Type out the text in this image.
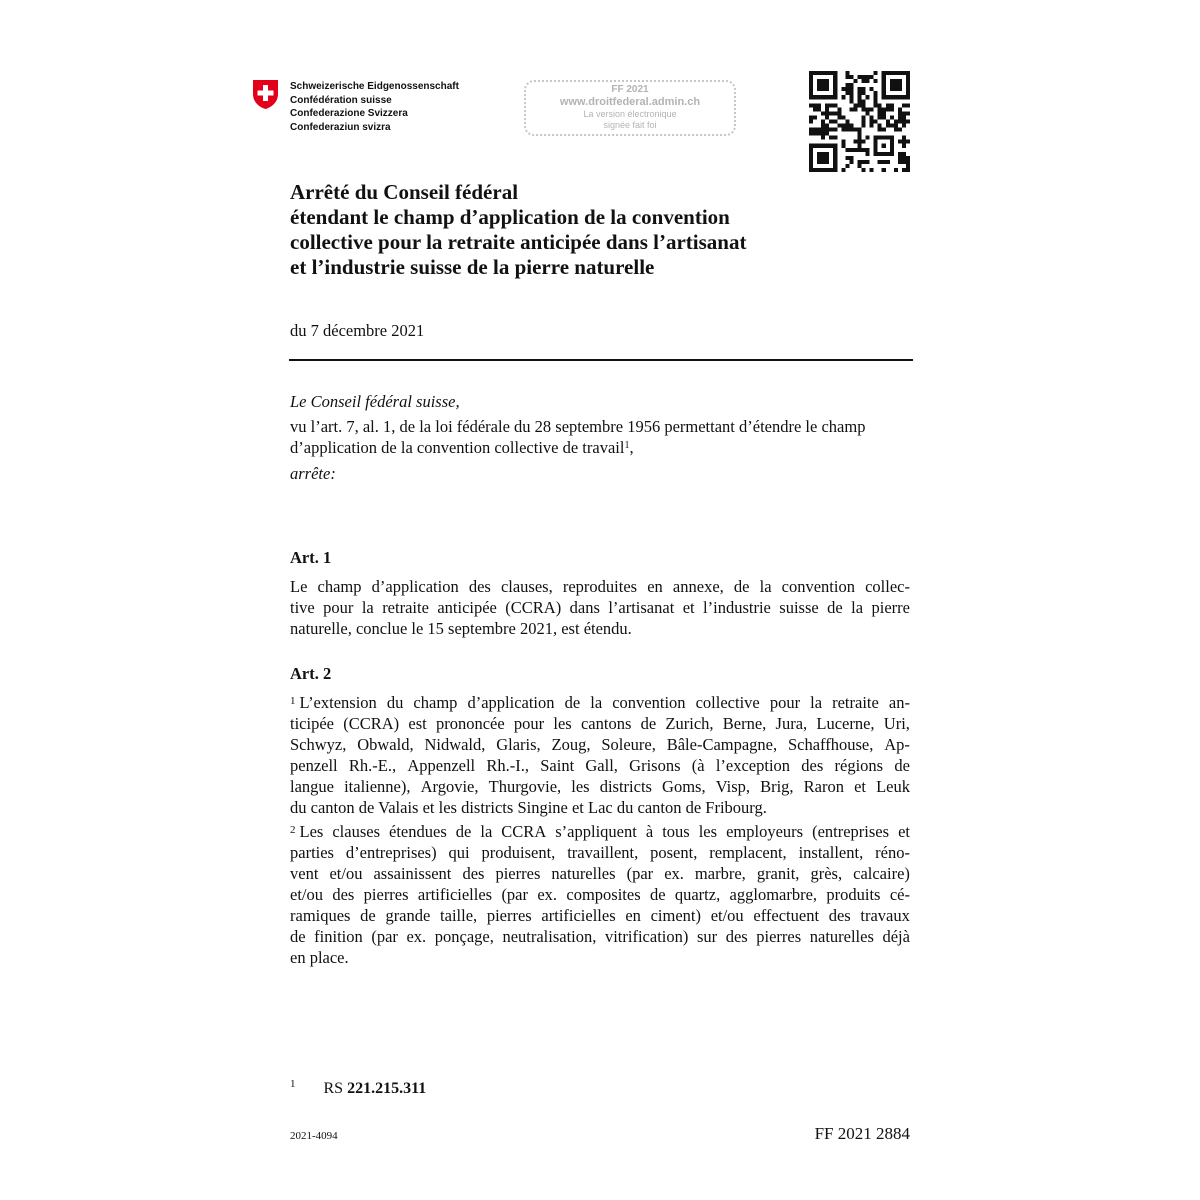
Schweizerische Eidgenossenschaft
Confédération suisse
Confederazione Svizzera
Confederaziun svizra
FF 2021
www.droitfederal.admin.ch
La version électronique
signée fait foi
Arrêté du Conseil fédéral
étendant le champ d’application de la convention
collective pour la retraite anticipée dans l’artisanat
et l’industrie suisse de la pierre naturelle
du 7 décembre 2021
Le Conseil fédéral suisse,
vu l’art. 7, al. 1, de la loi fédérale du 28 septembre 1956 permettant d’étendre le champ
d’application de la convention collective de travail$^1$,
arrête:
Art. 1
Le champ d’application des clauses, reproduites en annexe, de la convention collec-
tive pour la retraite anticipée (CCRA) dans l’artisanat et l’industrie suisse de la pierre
naturelle, conclue le 15 septembre 2021, est étendu.
Art. 2
$^1$ L’extension du champ d’application de la convention collective pour la retraite an-
ticipée (CCRA) est prononcée pour les cantons de Zurich, Berne, Jura, Lucerne, Uri,
Schwyz, Obwald, Nidwald, Glaris, Zoug, Soleure, Bâle-Campagne, Schaffhouse, Ap-
penzell Rh.-E., Appenzell Rh.-I., Saint Gall, Grisons (à l’exception des régions de
langue italienne), Argovie, Thurgovie, les districts Goms, Visp, Brig, Raron et Leuk
du canton de Valais et les districts Singine et Lac du canton de Fribourg.
$^2$ Les clauses étendues de la CCRA s’appliquent à tous les employeurs (entreprises et
parties d’entreprises) qui produisent, travaillent, posent, remplacent, installent, réno-
vent et/ou assainissent des pierres naturelles (par ex. marbre, granit, grès, calcaire)
et/ou des pierres artificielles (par ex. composites de quartz, agglomarbre, produits cé-
ramiques de grande taille, pierres artificielles en ciment) et/ou effectuent des travaux
de finition (par ex. ponçage, neutralisation, vitrification) sur des pierres naturelles déjà
en place.
$^1$ RS 221.215.311
2021-4094	FF 2021 2884
